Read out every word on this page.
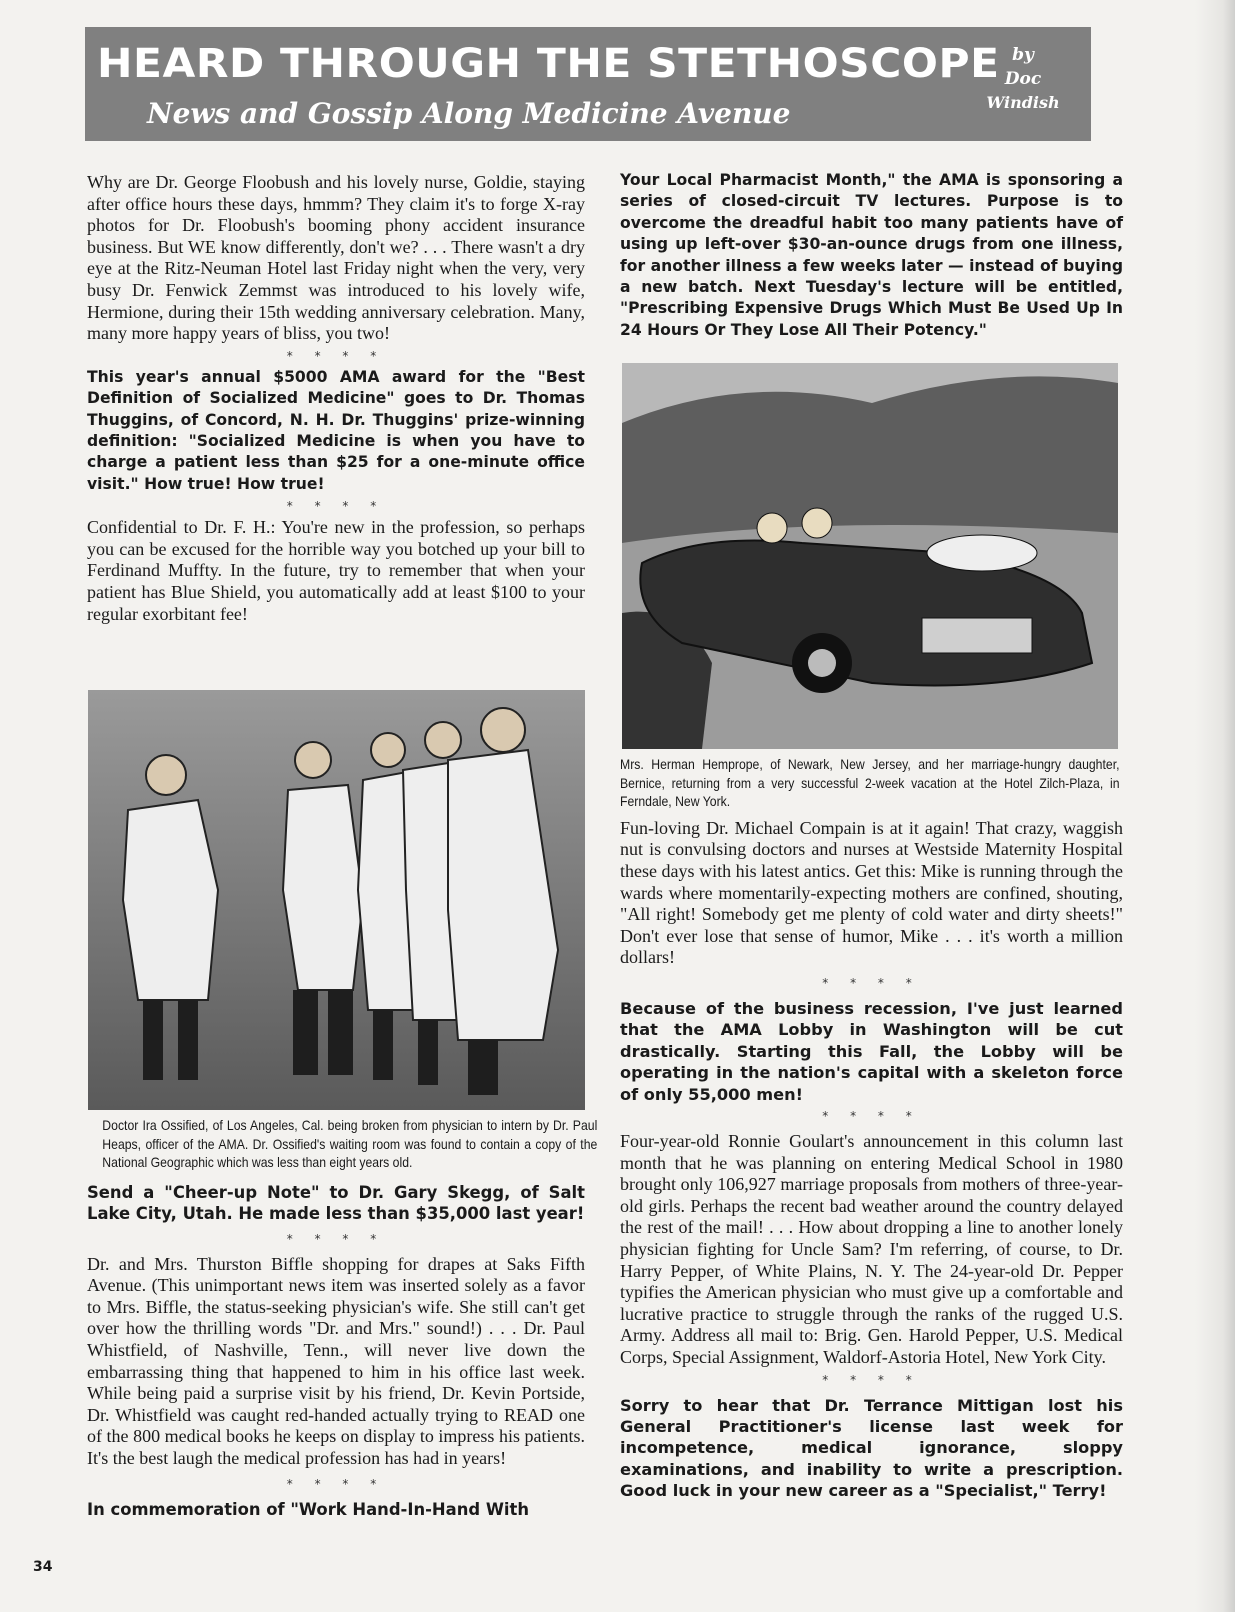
HEARD THROUGH THE STETHOSCOPE
News and Gossip Along Medicine Avenue
by
Doc
Windish

Why are Dr. George Floobush and his lovely nurse, Goldie, staying after office hours these days, hmmm? They claim it's to forge X-ray photos for Dr. Floobush's booming phony accident insurance business. But WE know differently, don't we? . . . There wasn't a dry eye at the Ritz-Neuman Hotel last Friday night when the very, very busy Dr. Fenwick Zemmst was introduced to his lovely wife, Hermione, during their 15th wedding anniversary celebration. Many, many more happy years of bliss, you two!

* * * *

This year's annual $5000 AMA award for the "Best Definition of Socialized Medicine" goes to Dr. Thomas Thuggins, of Concord, N. H. Dr. Thuggins' prize-winning definition: "Socialized Medicine is when you have to charge a patient less than $25 for a one-minute office visit." How true! How true!

* * * *

Confidential to Dr. F. H.: You're new in the profession, so perhaps you can be excused for the horrible way you botched up your bill to Ferdinand Muffty. In the future, try to remember that when your patient has Blue Shield, you automatically add at least $100 to your regular exorbitant fee!

Doctor Ira Ossified, of Los Angeles, Cal. being broken from physician to intern by Dr. Paul Heaps, officer of the AMA. Dr. Ossified's waiting room was found to contain a copy of the National Geographic which was less than eight years old.

Send a "Cheer-up Note" to Dr. Gary Skegg, of Salt Lake City, Utah. He made less than $35,000 last year!

* * * *

Dr. and Mrs. Thurston Biffle shopping for drapes at Saks Fifth Avenue. (This unimportant news item was inserted solely as a favor to Mrs. Biffle, the status-seeking physician's wife. She still can't get over how the thrilling words "Dr. and Mrs." sound!) . . . Dr. Paul Whistfield, of Nashville, Tenn., will never live down the embarrassing thing that happened to him in his office last week. While being paid a surprise visit by his friend, Dr. Kevin Portside, Dr. Whistfield was caught red-handed actually trying to READ one of the 800 medical books he keeps on display to impress his patients. It's the best laugh the medical profession has had in years!

* * * *

In commemoration of "Work Hand-In-Hand With

Your Local Pharmacist Month," the AMA is sponsoring a series of closed-circuit TV lectures. Purpose is to overcome the dreadful habit too many patients have of using up left-over $30-an-ounce drugs from one illness, for another illness a few weeks later — instead of buying a new batch. Next Tuesday's lecture will be entitled, "Prescribing Expensive Drugs Which Must Be Used Up In 24 Hours Or They Lose All Their Potency."

Mrs. Herman Hemprope, of Newark, New Jersey, and her marriage-hungry daughter, Bernice, returning from a very successful 2-week vacation at the Hotel Zilch-Plaza, in Ferndale, New York.

Fun-loving Dr. Michael Compain is at it again! That crazy, waggish nut is convulsing doctors and nurses at Westside Maternity Hospital these days with his latest antics. Get this: Mike is running through the wards where momentarily-expecting mothers are confined, shouting, "All right! Somebody get me plenty of cold water and dirty sheets!" Don't ever lose that sense of humor, Mike . . . it's worth a million dollars!

* * * *

Because of the business recession, I've just learned that the AMA Lobby in Washington will be cut drastically. Starting this Fall, the Lobby will be operating in the nation's capital with a skeleton force of only 55,000 men!

* * * *

Four-year-old Ronnie Goulart's announcement in this column last month that he was planning on entering Medical School in 1980 brought only 106,927 marriage proposals from mothers of three-year-old girls. Perhaps the recent bad weather around the country delayed the rest of the mail! . . . How about dropping a line to another lonely physician fighting for Uncle Sam? I'm referring, of course, to Dr. Harry Pepper, of White Plains, N. Y. The 24-year-old Dr. Pepper typifies the American physician who must give up a comfortable and lucrative practice to struggle through the ranks of the rugged U.S. Army. Address all mail to: Brig. Gen. Harold Pepper, U.S. Medical Corps, Special Assignment, Waldorf-Astoria Hotel, New York City.

* * * *

Sorry to hear that Dr. Terrance Mittigan lost his General Practitioner's license last week for incompetence, medical ignorance, sloppy examinations, and inability to write a prescription. Good luck in your new career as a "Specialist," Terry!

34
